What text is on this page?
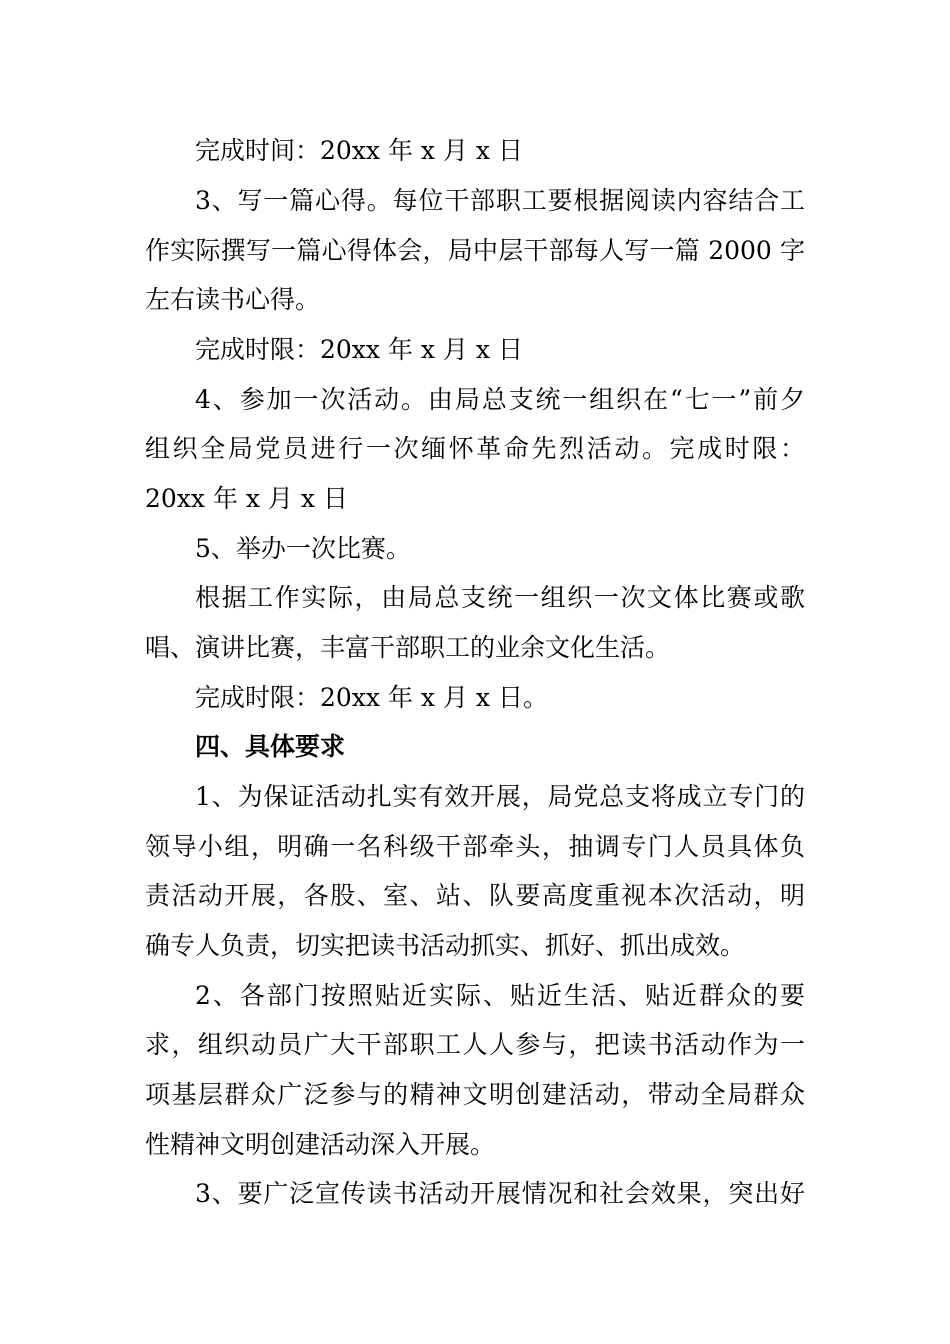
完成时间：20xx 年 x 月 x 日
3、写一篇心得。每位干部职工要根据阅读内容结合工
作实际撰写一篇心得体会，局中层干部每人写一篇 2000 字
左右读书心得。
完成时限：20xx 年 x 月 x 日
4、参加一次活动。由局总支统一组织在“七一”前夕
组织全局党员进行一次缅怀革命先烈活动。完成时限：
20xx 年 x 月 x 日
5、举办一次比赛。
根据工作实际，由局总支统一组织一次文体比赛或歌
唱、演讲比赛，丰富干部职工的业余文化生活。
完成时限：20xx 年 x 月 x 日。
四、具体要求
1、为保证活动扎实有效开展，局党总支将成立专门的
领导小组，明确一名科级干部牵头，抽调专门人员具体负
责活动开展，各股、室、站、队要高度重视本次活动，明
确专人负责，切实把读书活动抓实、抓好、抓出成效。
2、各部门按照贴近实际、贴近生活、贴近群众的要
求，组织动员广大干部职工人人参与，把读书活动作为一
项基层群众广泛参与的精神文明创建活动，带动全局群众
性精神文明创建活动深入开展。
3、要广泛宣传读书活动开展情况和社会效果，突出好
